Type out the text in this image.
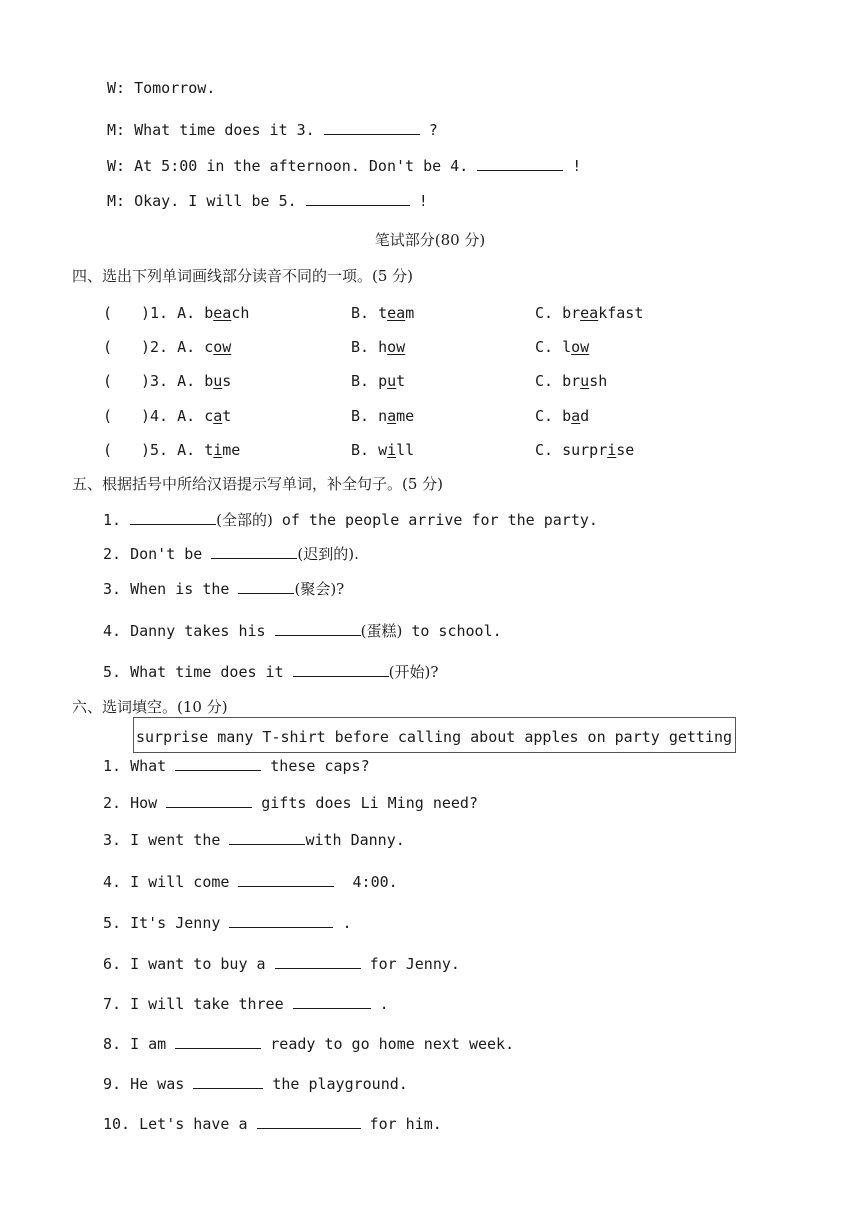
W: Tomorrow.
M: What time does it 3.	?
W: At 5:00 in the afternoon. Don't be 4.	!
M: Okay. I will be 5.	!
笔试部分(80 分)
四、选出下列单词画线部分读音不同的一项。(5 分)
( )1. A. beach	B. team	C. breakfast
( )2. A. cow	B. how	C. low
( )3. A. bus	B. put	C. brush
( )4. A. cat	B. name	C. bad
( )5. A. time	B. will	C. surprise
五、根据括号中所给汉语提示写单词，补全句子。(5 分)
1.	(全部的) of the people arrive for the party.
2. Don't be	(迟到的).
3. When is the	(聚会)?
4. Danny takes his	(蛋糕) to school.
5. What time does it	(开始)?
六、选词填空。(10 分)
surprise many T-shirt before calling about apples on party getting
1. What	these caps?
2. How	gifts does Li Ming need?
3. I went the	with Danny.
4. I will come	4:00.
5. It's Jenny	.
6. I want to buy a	for Jenny.
7. I will take three	.
8. I am	ready to go home next week.
9. He was	the playground.
10. Let's have a	for him.
